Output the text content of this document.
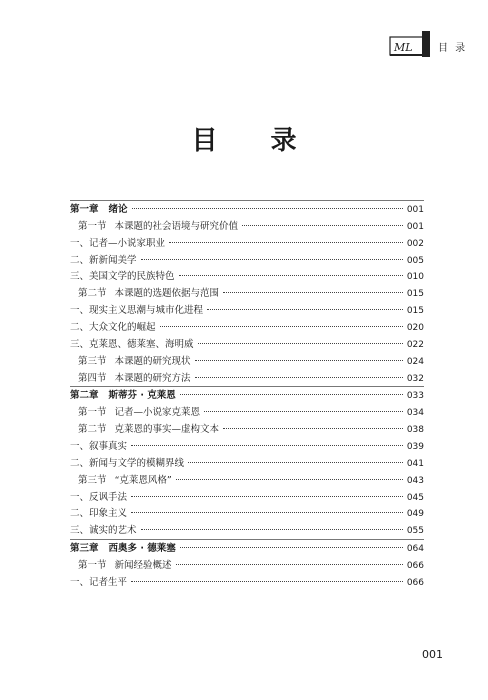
ML	目 录
目 录
第一章 绪论	001
第一节 本课题的社会语境与研究价值	001
一、记者—小说家职业	002
二、新新闻美学	005
三、美国文学的民族特色	010
第二节 本课题的选题依据与范围	015
一、现实主义思潮与城市化进程	015
二、大众文化的崛起	020
三、克莱恩、德莱塞、海明威	022
第三节 本课题的研究现状	024
第四节 本课题的研究方法	032
第二章 斯蒂芬 · 克莱恩	033
第一节 记者—小说家克莱恩	034
第二节 克莱恩的事实—虚构文本	038
一、叙事真实	039
二、新闻与文学的模糊界线	041
第三节 “克莱恩风格”	043
一、反讽手法	045
二、印象主义	049
三、诚实的艺术	055
第三章 西奥多 · 德莱塞	064
第一节 新闻经验概述	066
一、记者生平	066
001
